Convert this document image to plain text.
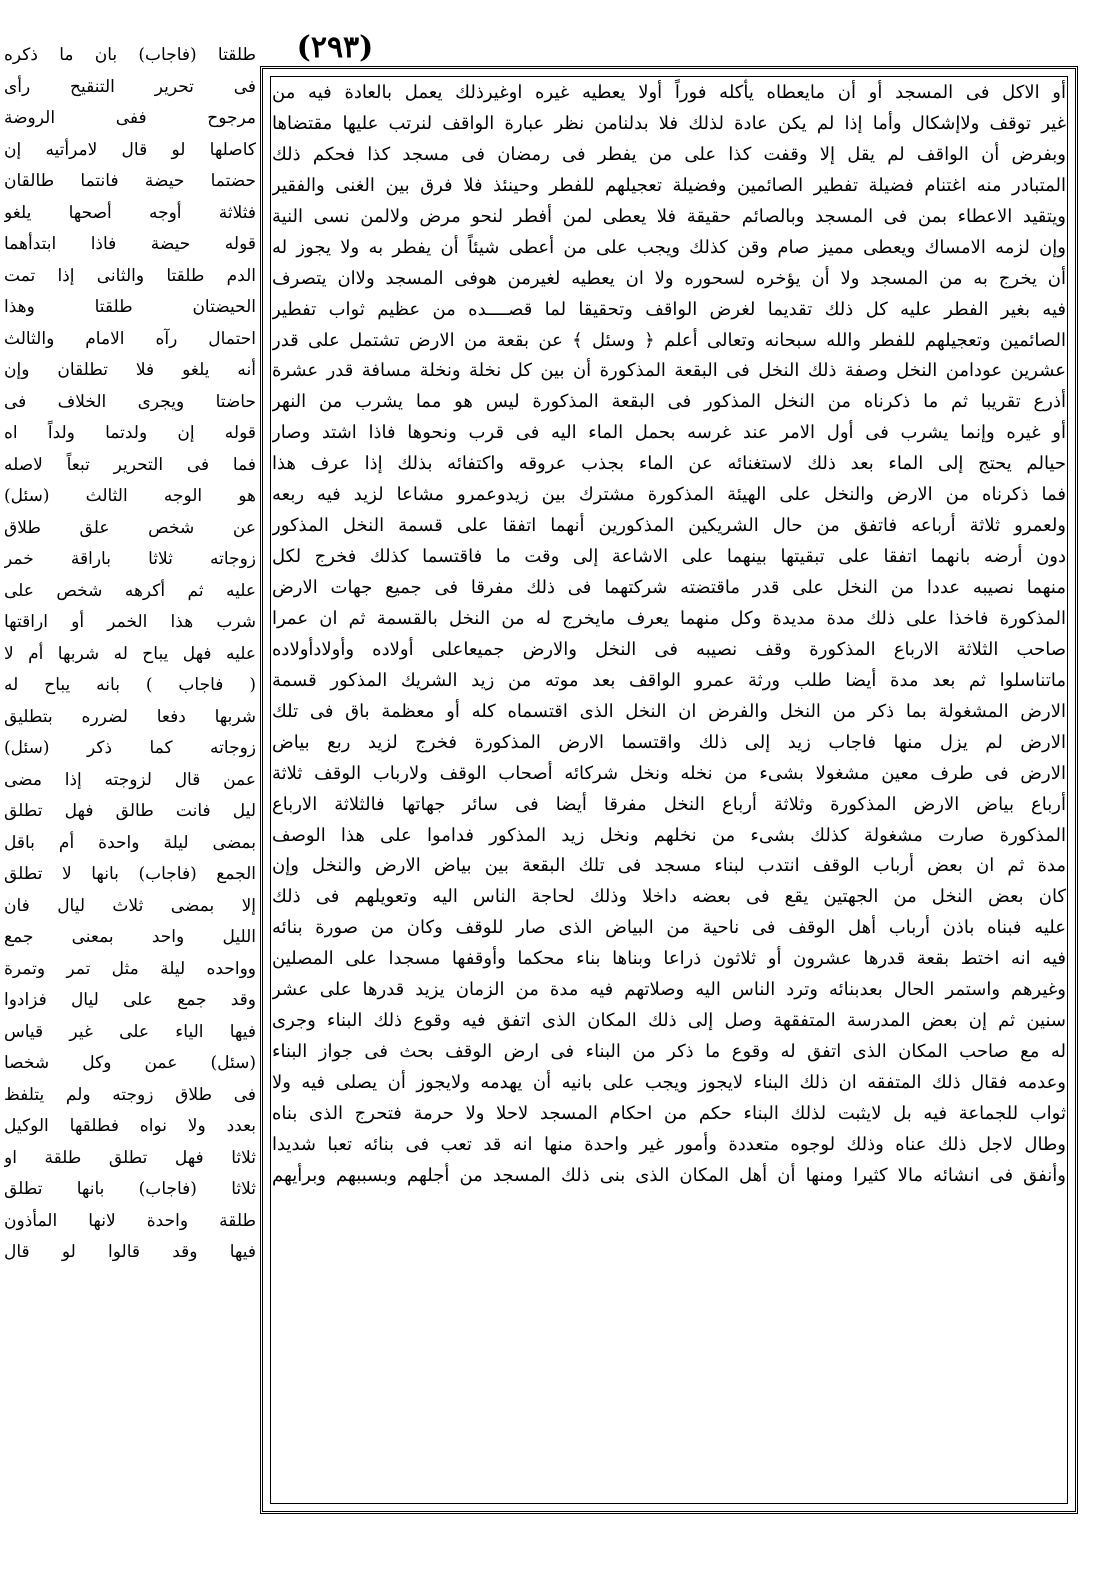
(٢٩٣)
أو الاكل فى المسجد أو أن مايعطاه يأكله فوراً أولا يعطيه غيره اوغيرذلك يعمل بالعادة فيه من
غير توقف ولاإشكال وأما إذا لم يكن عادة لذلك فلا بدلنامن نظر عبارة الواقف لنرتب عليها مقتضاها
وبفرض أن الواقف لم يقل إلا وقفت كذا على من يفطر فى رمضان فى مسجد كذا فحكم ذلك
المتبادر منه اغتنام فضيلة تفطير الصائمين وفضيلة تعجيلهم للفطر وحينئذ فلا فرق بين الغنى والفقير
ويتقيد الاعطاء بمن فى المسجد وبالصائم حقيقة فلا يعطى لمن أفطر لنحو مرض ولالمن نسى النية
وإن لزمه الامساك ويعطى مميز صام وقن كذلك ويجب على من أعطى شيئاً أن يفطر به ولا يجوز له
أن يخرج به من المسجد ولا أن يؤخره لسحوره ولا ان يعطيه لغيرمن هوفى المسجد ولاان يتصرف
فيه بغير الفطر عليه كل ذلك تقديما لغرض الواقف وتحقيقا لما قصــــده من عظيم ثواب تفطير
الصائمين وتعجيلهم للفطر والله سبحانه وتعالى أعلم ﴿ وسئل ﴾ عن بقعة من الارض تشتمل على قدر
عشرين عودامن النخل وصفة ذلك النخل فى البقعة المذكورة أن بين كل نخلة ونخلة مسافة قدر عشرة
أذرع تقريبا ثم ما ذكرناه من النخل المذكور فى البقعة المذكورة ليس هو مما يشرب من النهر
أو غيره وإنما يشرب فى أول الامر عند غرسه بحمل الماء اليه فى قرب ونحوها فاذا اشتد وصار
حيالم يحتج إلى الماء بعد ذلك لاستغنائه عن الماء بجذب عروقه واكتفائه بذلك إذا عرف هذا
فما ذكرناه من الارض والنخل على الهيئة المذكورة مشترك بين زيدوعمرو مشاعا لزيد فيه ربعه
ولعمرو ثلاثة أرباعه فاتفق من حال الشريكين المذكورين أنهما اتفقا على قسمة النخل المذكور
دون أرضه بانهما اتفقا على تبقيتها بينهما على الاشاعة إلى وقت ما فاقتسما كذلك فخرج لكل
منهما نصيبه عددا من النخل على قدر ماقتضته شركتهما فى ذلك مفرقا فى جميع جهات الارض
المذكورة فاخذا على ذلك مدة مديدة وكل منهما يعرف مايخرج له من النخل بالقسمة ثم ان عمرا
صاحب الثلاثة الارباع المذكورة وقف نصيبه فى النخل والارض جميعاعلى أولاده وأولادأولاده
ماتناسلوا ثم بعد مدة أيضا طلب ورثة عمرو الواقف بعد موته من زيد الشريك المذكور قسمة
الارض المشغولة بما ذكر من النخل والفرض ان النخل الذى اقتسماه كله أو معظمة باق فى تلك
الارض لم يزل منها فاجاب زيد إلى ذلك واقتسما الارض المذكورة فخرج لزيد ربع بياض
الارض فى طرف معين مشغولا بشىء من نخله ونخل شركائه أصحاب الوقف ولارباب الوقف ثلاثة
أرباع بياض الارض المذكورة وثلاثة أرباع النخل مفرقا أيضا فى سائر جهاتها فالثلاثة الارباع
المذكورة صارت مشغولة كذلك بشىء من نخلهم ونخل زيد المذكور فداموا على هذا الوصف
مدة ثم ان بعض أرباب الوقف انتدب لبناء مسجد فى تلك البقعة بين بياض الارض والنخل وإن
كان بعض النخل من الجهتين يقع فى بعضه داخلا وذلك لحاجة الناس اليه وتعويلهم فى ذلك
عليه فبناه باذن أرباب أهل الوقف فى ناحية من البياض الذى صار للوقف وكان من صورة بنائه
فيه انه اختط بقعة قدرها عشرون أو ثلاثون ذراعا وبناها بناء محكما وأوقفها مسجدا على المصلين
وغيرهم واستمر الحال بعدبنائه وترد الناس اليه وصلاتهم فيه مدة من الزمان يزيد قدرها على عشر
سنين ثم إن بعض المدرسة المتفقهة وصل إلى ذلك المكان الذى اتفق فيه وقوع ذلك البناء وجرى
له مع صاحب المكان الذى اتفق له وقوع ما ذكر من البناء فى ارض الوقف بحث فى جواز البناء
وعدمه فقال ذلك المتفقه ان ذلك البناء لايجوز ويجب على بانيه أن يهدمه ولايجوز أن يصلى فيه ولا
ثواب للجماعة فيه بل لايثبت لذلك البناء حكم من احكام المسجد لاحلا ولا حرمة فتحرج الذى بناه
وطال لاجل ذلك عناه وذلك لوجوه متعددة وأمور غير واحدة منها انه قد تعب فى بنائه تعبا شديدا
وأنفق فى انشائه مالا كثيرا ومنها أن أهل المكان الذى بنى ذلك المسجد من أجلهم وبسببهم وبرأيهم
طلقتا (فاجاب) بان ما ذكره
فى تحرير التنقيح رأى
مرجوح ففى الروضة
كاصلها لو قال لامرأتيه إن
حضتما حيضة فانتما طالقان
فثلاثة أوجه أصحها يلغو
قوله حيضة فاذا ابتدأهما
الدم طلقتا والثانى إذا تمت
الحيضتان طلقتا وهذا
احتمال رآه الامام والثالث
أنه يلغو فلا تطلقان وإن
حاضتا ويجرى الخلاف فى
قوله إن ولدتما ولداً اه
فما فى التحرير تبعاً لاصله
هو الوجه الثالث (سئل)
عن شخص علق طلاق
زوجاته ثلاثا باراقة خمر
عليه ثم أكرهه شخص على
شرب هذا الخمر أو اراقتها
عليه فهل يباح له شربها أم لا
( فاجاب ) بانه يباح له
شربها دفعا لضرره بتطليق
زوجاته كما ذكر (سئل)
عمن قال لزوجته إذا مضى
ليل فانت طالق فهل تطلق
بمضى ليلة واحدة أم باقل
الجمع (فاجاب) بانها لا تطلق
إلا بمضى ثلاث ليال فان
الليل واحد بمعنى جمع
وواحده ليلة مثل تمر وتمرة
وقد جمع على ليال فزادوا
فيها الياء على غير قياس
(سئل) عمن وكل شخصا
فى طلاق زوجته ولم يتلفظ
بعدد ولا نواه فطلقها الوكيل
ثلاثا فهل تطلق طلقة او
ثلاثا (فاجاب) بانها تطلق
طلقة واحدة لانها المأذون
فيها وقد قالوا لو قال
